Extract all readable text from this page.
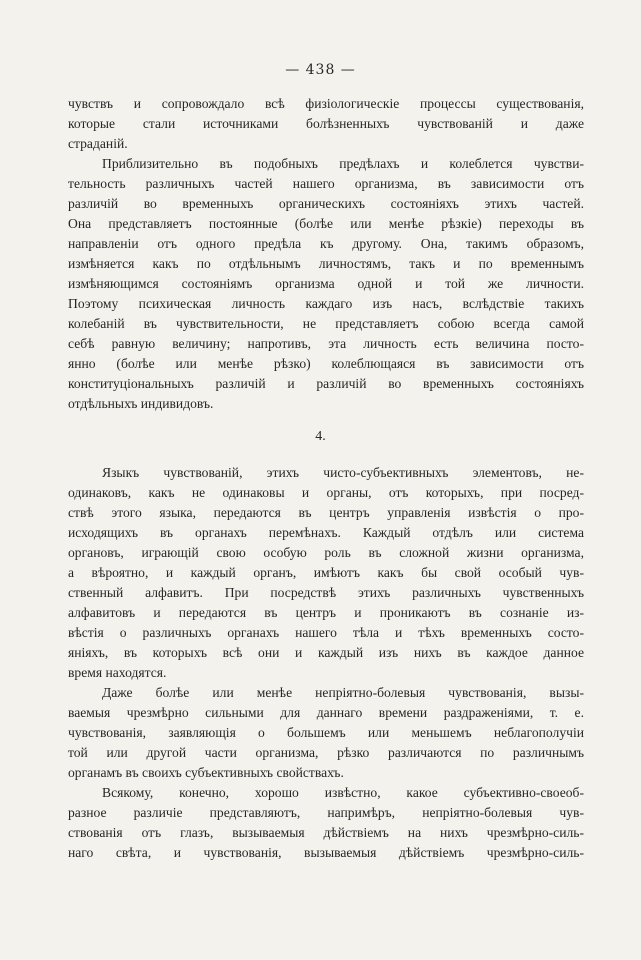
— 438 —
чувствъ и сопровождало всѣ физіологическіе процессы существованія,
которые стали источниками болѣзненныхъ чувствованій и даже
страданій.
Приблизительно въ подобныхъ предѣлахъ и колеблется чувстви-
тельность различныхъ частей нашего организма, въ зависимости отъ
различій во временныхъ органическихъ состояніяхъ этихъ частей.
Она представляетъ постоянные (болѣе или менѣе рѣзкіе) переходы въ
направленіи отъ одного предѣла къ другому. Она, такимъ образомъ,
измѣняется какъ по отдѣльнымъ личностямъ, такъ и по временнымъ
измѣняющимся состояніямъ организма одной и той же личности.
Поэтому психическая личность каждаго изъ насъ, вслѣдствіе такихъ
колебаній въ чувствительности, не представляетъ собою всегда самой
себѣ равную величину; напротивъ, эта личность есть величина посто-
янно (болѣе или менѣе рѣзко) колеблющаяся въ зависимости отъ
конституціональныхъ различій и различій во временныхъ состояніяхъ
отдѣльныхъ индивидовъ.
4.
Языкъ чувствованій, этихъ чисто-субъективныхъ элементовъ, не-
одинаковъ, какъ не одинаковы и органы, отъ которыхъ, при посред-
ствѣ этого языка, передаются въ центръ управленія извѣстія о про-
исходящихъ въ органахъ перемѣнахъ. Каждый отдѣлъ или система
органовъ, играющій свою особую роль въ сложной жизни организма,
а вѣроятно, и каждый органъ, имѣютъ какъ бы свой особый чув-
ственный алфавитъ. При посредствѣ этихъ различныхъ чувственныхъ
алфавитовъ и передаются въ центръ и проникаютъ въ сознаніе из-
вѣстія о различныхъ органахъ нашего тѣла и тѣхъ временныхъ состо-
яніяхъ, въ которыхъ всѣ они и каждый изъ нихъ въ каждое данное
время находятся.
Даже болѣе или менѣе непріятно-болевыя чувствованія, вызы-
ваемыя чрезмѣрно сильными для даннаго времени раздраженіями, т. е.
чувствованія, заявляющія о большемъ или меньшемъ неблагополучіи
той или другой части организма, рѣзко различаются по различнымъ
органамъ въ своихъ субъективныхъ свойствахъ.
Всякому, конечно, хорошо извѣстно, какое субъективно-своеоб-
разное различіе представляютъ, напримѣръ, непріятно-болевыя чув-
ствованія отъ глазъ, вызываемыя дѣйствіемъ на нихъ чрезмѣрно-силь-
наго свѣта, и чувствованія, вызываемыя дѣйствіемъ чрезмѣрно-силь-
